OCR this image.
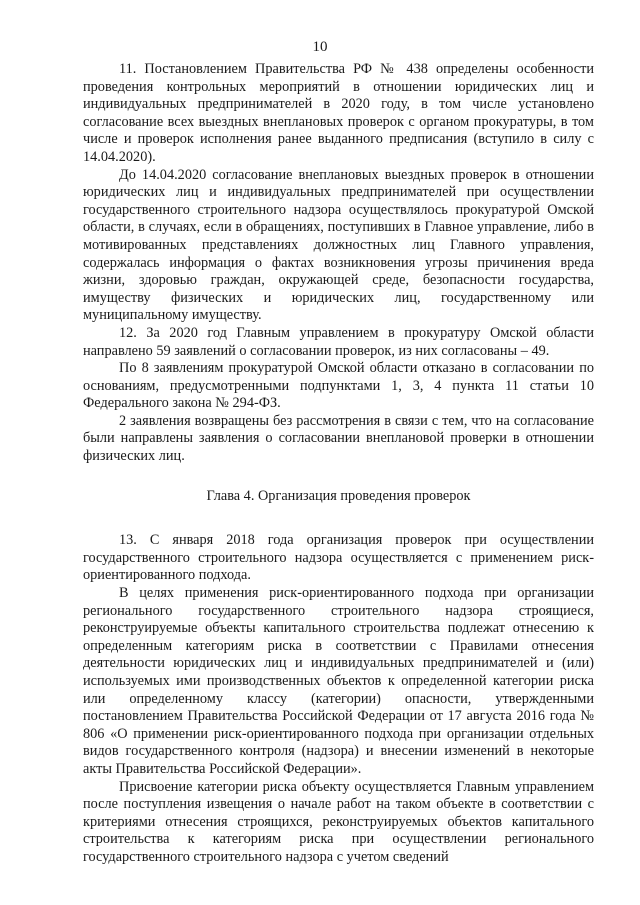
10

11. Постановлением Правительства РФ № 438 определены особенности проведения контрольных мероприятий в отношении юридических лиц и индивидуальных предпринимателей в 2020 году, в том числе установлено согласование всех выездных внеплановых проверок с органом прокуратуры, в том числе и проверок исполнения ранее выданного предписания (вступило в силу с 14.04.2020).

До 14.04.2020 согласование внеплановых выездных проверок в отношении юридических лиц и индивидуальных предпринимателей при осуществлении государственного строительного надзора осуществлялось прокуратурой Омской области, в случаях, если в обращениях, поступивших в Главное управление, либо в мотивированных представлениях должностных лиц Главного управления, содержалась информация о фактах возникновения угрозы причинения вреда жизни, здоровью граждан, окружающей среде, безопасности государства, имуществу физических и юридических лиц, государственному или муниципальному имуществу.

12. За 2020 год Главным управлением в прокуратуру Омской области направлено 59 заявлений о согласовании проверок, из них согласованы – 49.

По 8 заявлениям прокуратурой Омской области отказано в согласовании по основаниям, предусмотренными подпунктами 1, 3, 4 пункта 11 статьи 10 Федерального закона № 294-ФЗ.

2 заявления возвращены без рассмотрения в связи с тем, что на согласование были направлены заявления о согласовании внеплановой проверки в отношении физических лиц.

Глава 4. Организация проведения проверок

13. С января 2018 года организация проверок при осуществлении государственного строительного надзора осуществляется с применением риск-ориентированного подхода.

В целях применения риск-ориентированного подхода при организации регионального государственного строительного надзора строящиеся, реконструируемые объекты капитального строительства подлежат отнесению к определенным категориям риска в соответствии с Правилами отнесения деятельности юридических лиц и индивидуальных предпринимателей и (или) используемых ими производственных объектов к определенной категории риска или определенному классу (категории) опасности, утвержденными постановлением Правительства Российской Федерации от 17 августа 2016 года № 806 «О применении риск-ориентированного подхода при организации отдельных видов государственного контроля (надзора) и внесении изменений в некоторые акты Правительства Российской Федерации».

Присвоение категории риска объекту осуществляется Главным управлением после поступления извещения о начале работ на таком объекте в соответствии с критериями отнесения строящихся, реконструируемых объектов капитального строительства к категориям риска при осуществлении регионального государственного строительного надзора с учетом сведений
